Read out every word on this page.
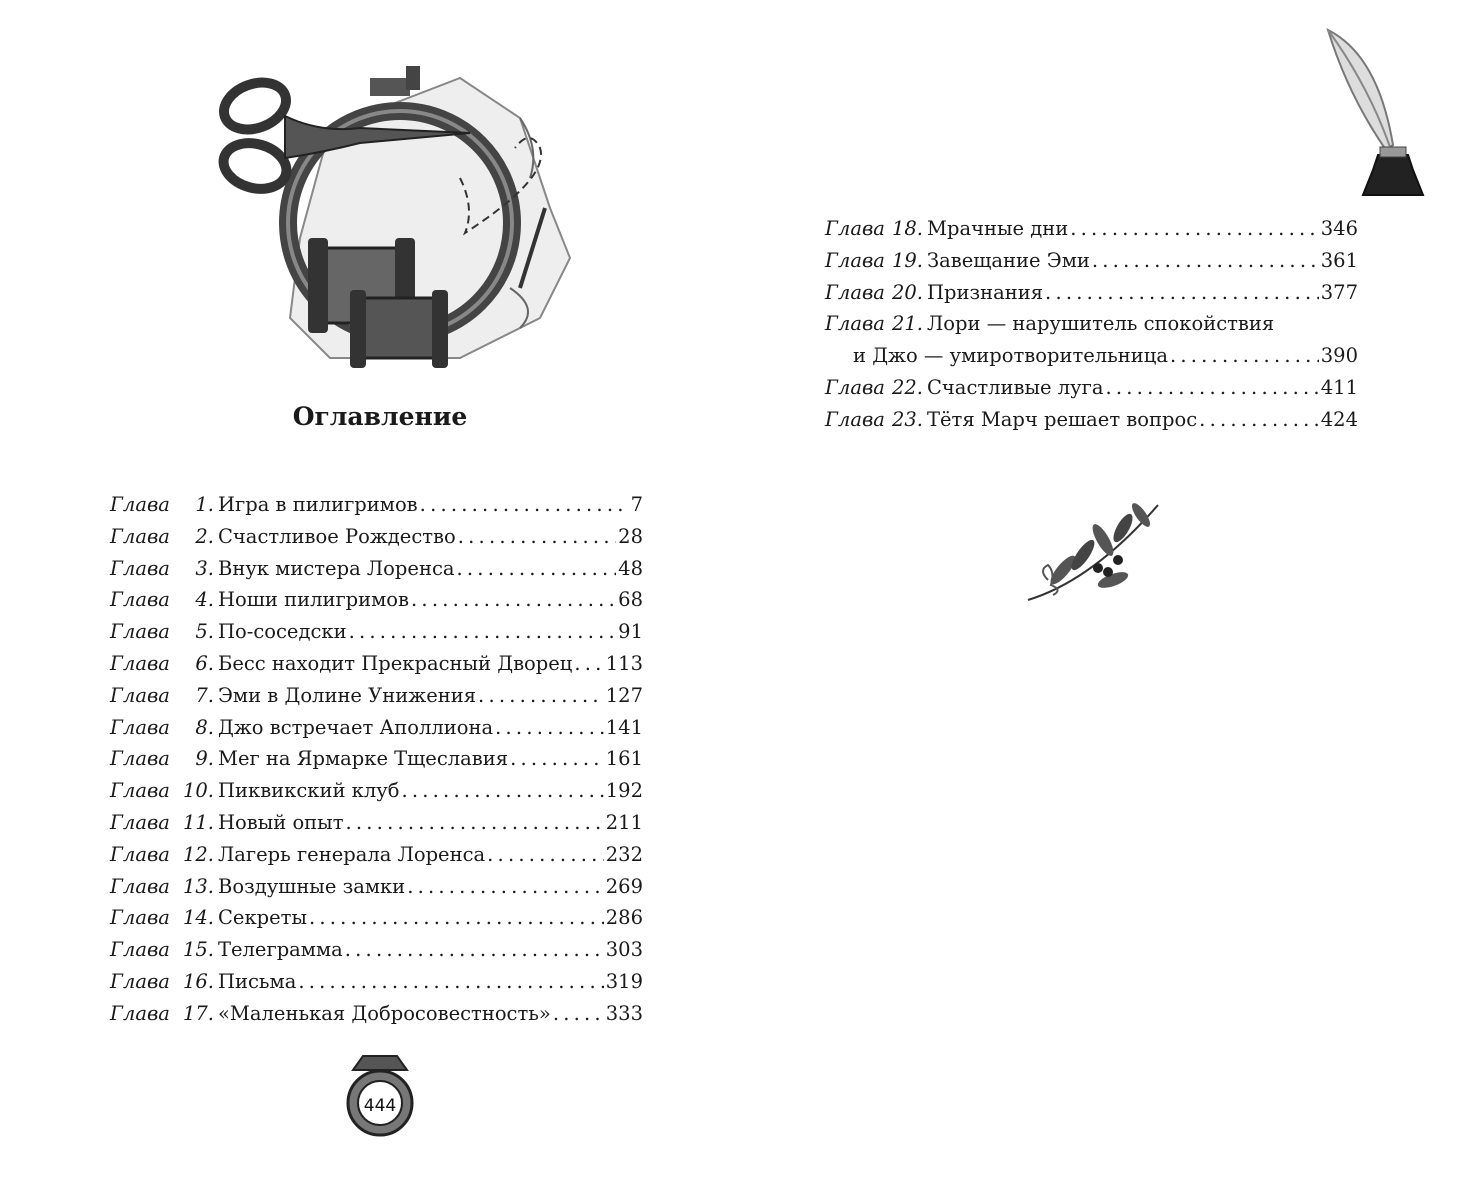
Оглавление
Глава 1. Игра в пилигримов . . .	7
Глава 2. Счастливое Рождество . . .	28
Глава 3. Внук мистера Лоренса . . .	48
Глава 4. Ноши пилигримов . . .	68
Глава 5. По-соседски . . .	91
Глава 6. Бесс находит Прекрасный Дворец . . . 113
Глава 7. Эми в Долине Унижения . . .	127
Глава 8. Джо встречает Аполлиона . . .	141
Глава 9. Мег на Ярмарке Тщеславия . . .	161
Глава 10. Пиквикский клуб . . .	192
Глава 11. Новый опыт . . .	211
Глава 12. Лагерь генерала Лоренса . . .	232
Глава 13. Воздушные замки . . .	269
Глава 14. Секреты . . .	286
Глава 15. Телеграмма . . .	303
Глава 16. Письма . . .	319
Глава 17. «Маленькая Добросовестность» . . .	333
444
Глава 18. Мрачные дни . . .	346
Глава 19. Завещание Эми . . .	361
Глава 20. Признания . . .	377
Глава 21. Лори — нарушитель спокойствия
и Джо — умиротворительница . . .	390
Глава 22. Счастливые луга . . .	411
Глава 23. Тётя Марч решает вопрос . . .	424
